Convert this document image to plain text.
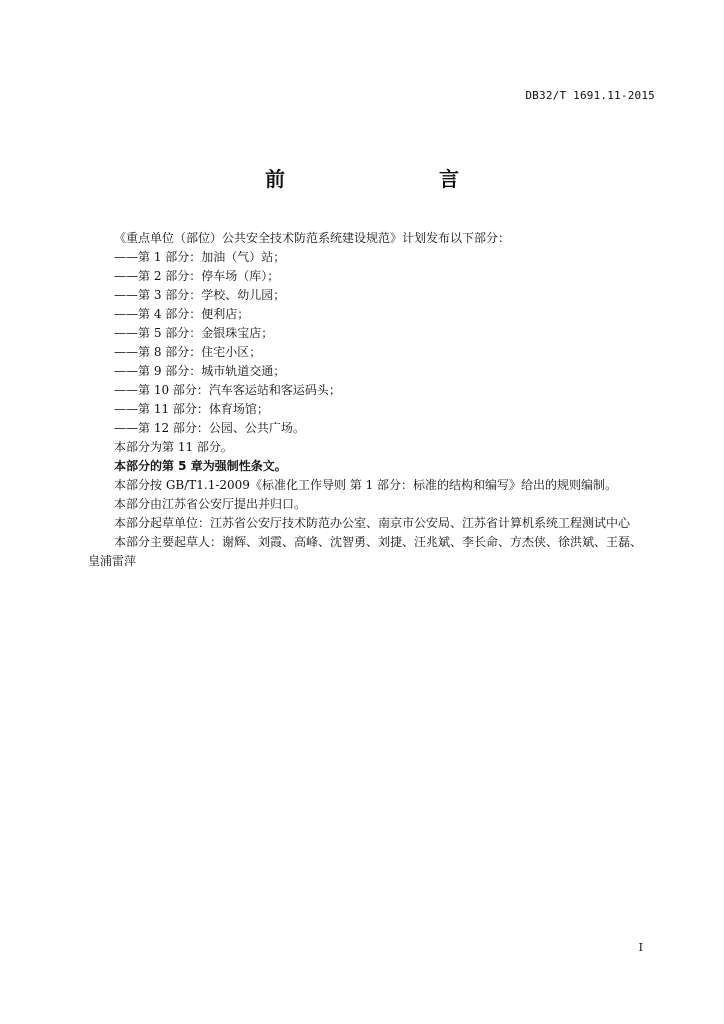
DB32/T 1691.11-2015
前　　言
《重点单位（部位）公共安全技术防范系统建设规范》计划发布以下部分：
——第 1 部分：加油（气）站；
——第 2 部分：停车场（库）；
——第 3 部分：学校、幼儿园；
——第 4 部分：便利店；
——第 5 部分：金银珠宝店；
——第 8 部分：住宅小区；
——第 9 部分：城市轨道交通；
——第 10 部分：汽车客运站和客运码头；
——第 11 部分：体育场馆；
——第 12 部分：公园、公共广场。
本部分为第 11 部分。
本部分的第 5 章为强制性条文。
本部分按 GB/T1.1-2009《标准化工作导则 第 1 部分：标准的结构和编写》给出的规则编制。
本部分由江苏省公安厅提出并归口。
本部分起草单位：江苏省公安厅技术防范办公室、南京市公安局、江苏省计算机系统工程测试中心
本部分主要起草人：谢辉、刘霞、高峰、沈智勇、刘捷、汪兆斌、李长命、方杰侠、徐洪斌、王磊、
皇浦雷萍
I
